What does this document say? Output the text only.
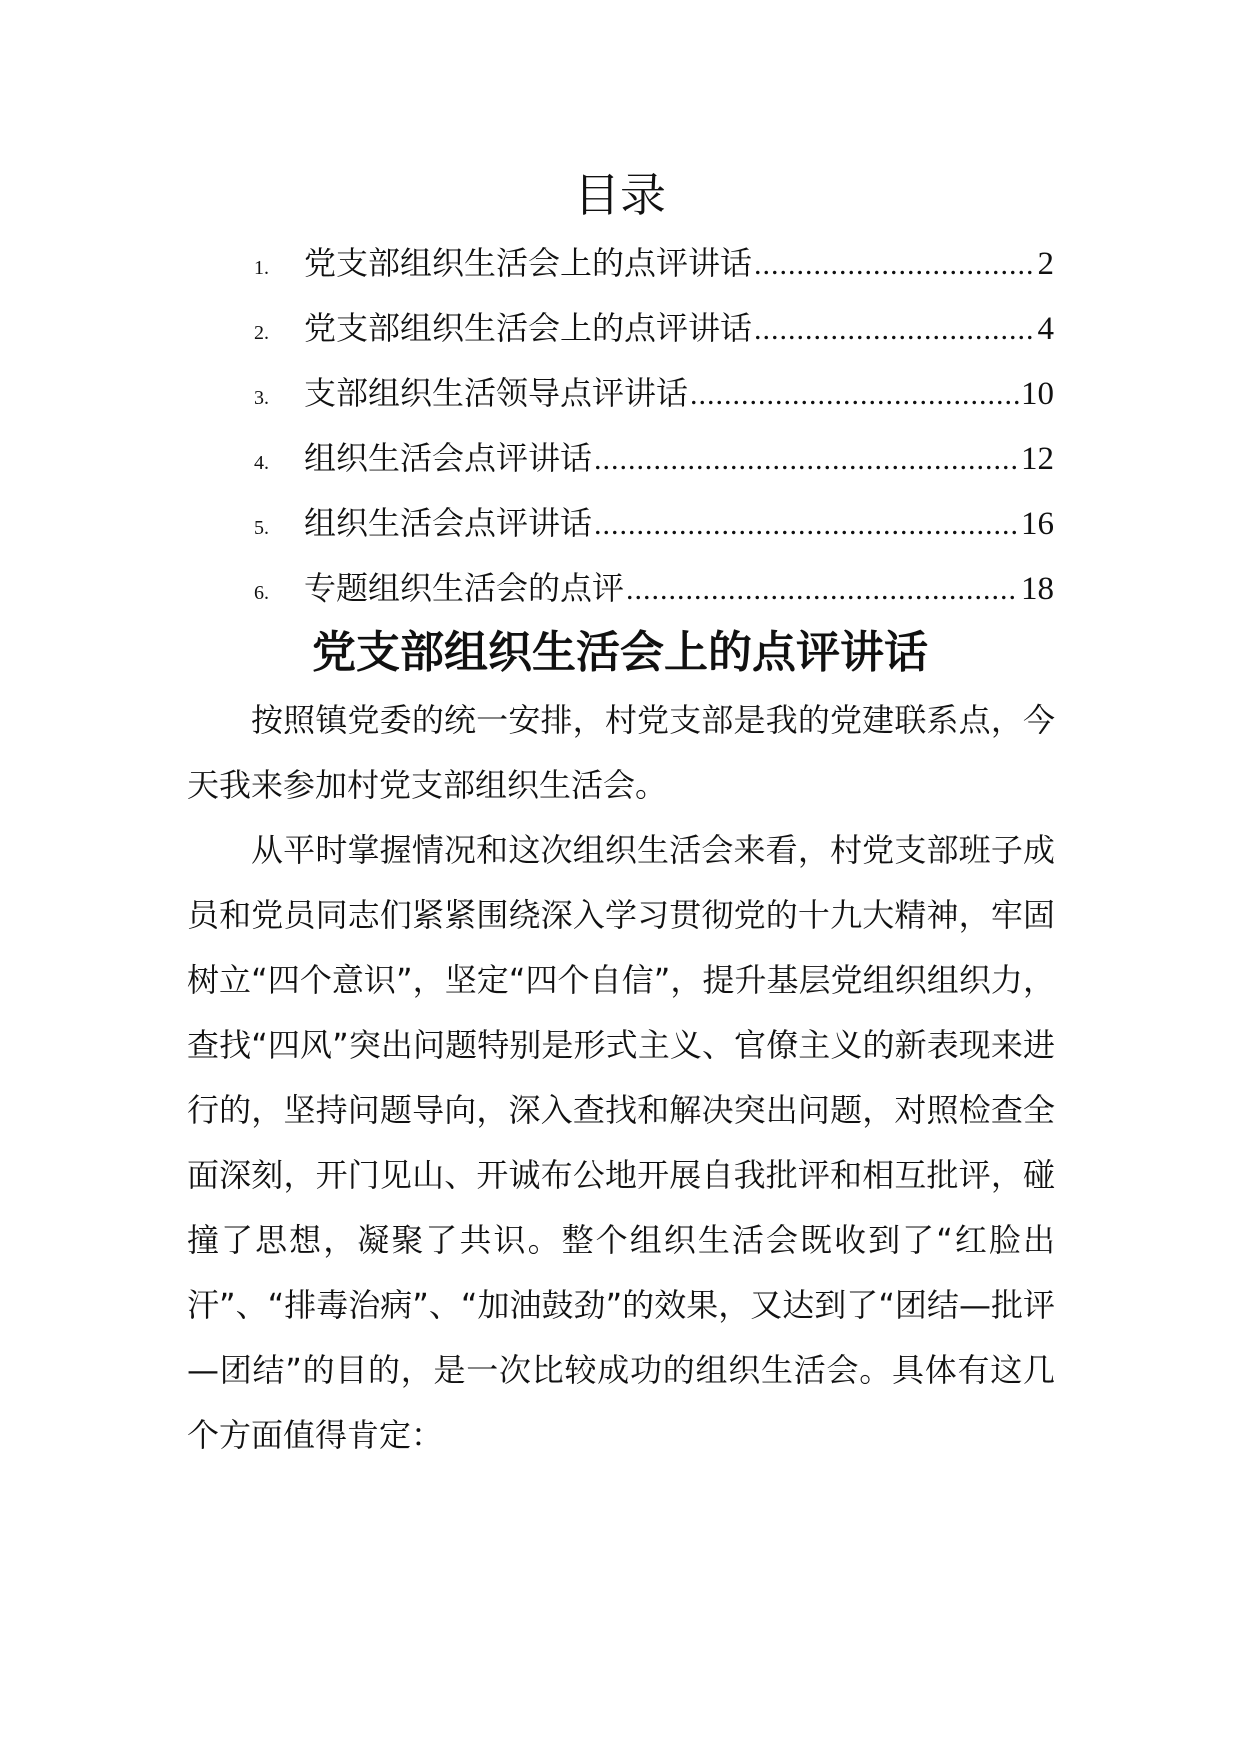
目录
1.	党支部组织生活会上的点评讲话 .....	2
2.	党支部组织生活会上的点评讲话 .....	4
3.	支部组织生活领导点评讲话 .....	10
4.	组织生活会点评讲话 .....	12
5.	组织生活会点评讲话 .....	16
6.	专题组织生活会的点评 .....	18
党支部组织生活会上的点评讲话

按照镇党委的统一安排，村党支部是我的党建联系点，今天我来参加村党支部组织生活会。

从平时掌握情况和这次组织生活会来看，村党支部班子成员和党员同志们紧紧围绕深入学习贯彻党的十九大精神，牢固树立“四个意识”，坚定“四个自信”，提升基层党组织组织力，查找“四风”突出问题特别是形式主义、官僚主义的新表现来进行的，坚持问题导向，深入查找和解决突出问题，对照检查全面深刻，开门见山、开诚布公地开展自我批评和相互批评，碰撞了思想，凝聚了共识。整个组织生活会既收到了“红脸出汗”、“排毒治病”、“加油鼓劲”的效果，又达到了“团结—批评—团结”的目的，是一次比较成功的组织生活会。具体有这几个方面值得肯定：
